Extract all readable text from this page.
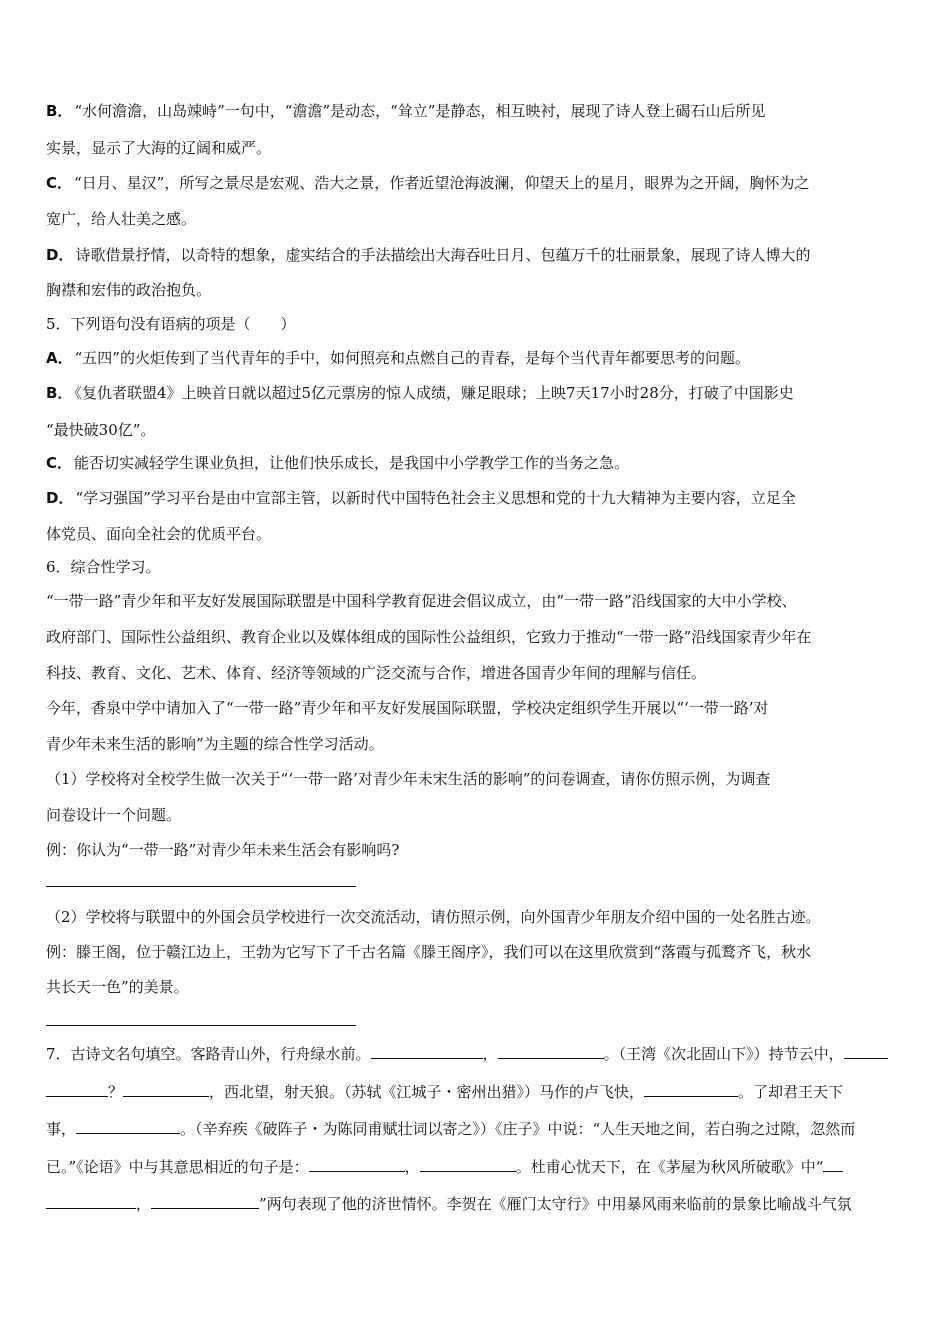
B． “水何澹澹，山岛竦峙”一句中，“澹澹”是动态，“耸立”是静态，相互映衬，展现了诗人登上碣石山后所见
实景，显示了大海的辽阔和威严。
C． “日月、星汉”，所写之景尽是宏观、浩大之景，作者近望沧海波澜，仰望天上的星月，眼界为之开阔，胸怀为之
宽广，给人壮美之感。
D． 诗歌借景抒情，以奇特的想象，虚实结合的手法描绘出大海吞吐日月、包蕴万千的壮丽景象，展现了诗人博大的
胸襟和宏伟的政治抱负。
5．下列语句没有语病的项是（　　）
A． “五四”的火炬传到了当代青年的手中，如何照亮和点燃自己的青春，是每个当代青年都要思考的问题。
B． 《复仇者联盟4》上映首日就以超过5亿元票房的惊人成绩，赚足眼球；上映7天17小时28分，打破了中国影史
“最快破30亿”。
C． 能否切实减轻学生课业负担，让他们快乐成长，是我国中小学教学工作的当务之急。
D． “学习强国”学习平台是由中宣部主管，以新时代中国特色社会主义思想和党的十九大精神为主要内容，立足全
体党员、面向全社会的优质平台。
6．综合性学习。
“一带一路”青少年和平友好发展国际联盟是中国科学教育促进会倡议成立，由“一带一路”沿线国家的大中小学校、
政府部门、国际性公益组织、教育企业以及媒体组成的国际性公益组织，它致力于推动“一带一路”沿线国家青少年在
科技、教育、文化、艺术、体育、经济等领域的广泛交流与合作，增进各国青少年间的理解与信任。
今年，香泉中学中请加入了“一带一路”青少年和平友好发展国际联盟，学校决定组织学生开展以“‘一带一路’对
青少年未来生活的影响”为主题的综合性学习活动。
（1）学校将对全校学生做一次关于“‘一带一路’对青少年未宋生活的影响”的问卷调查，请你仿照示例，为调查
问卷设计一个问题。
例：你认为“一带一路”对青少年未来生活会有影响吗?
（2）学校将与联盟中的外国会员学校进行一次交流活动，请仿照示例，向外国青少年朋友介绍中国的一处名胜古迹。
例：滕王阁，位于赣江边上，王勃为它写下了千古名篇《滕王阁序》，我们可以在这里欣赏到“落霞与孤鹜齐飞，秋水
共长天一色”的美景。
7．古诗文名句填空。客路青山外，行舟绿水前。	，	。（王湾《次北固山下》）持节云中，
？	，西北望，射天狼。（苏轼《江城子・密州出猎》）马作的卢飞快，	。了却君王天下
事，	。（辛弃疾《破阵子・为陈同甫赋壮词以寄之》）《庄子》中说：“人生天地之间，若白驹之过隙，忽然而
已。”《论语》中与其意思相近的句子是：	，	。杜甫心忧天下，在《茅屋为秋风所破歌》中“
，	”两句表现了他的济世情怀。李贺在《雁门太守行》中用暴风雨来临前的景象比喻战斗气氛
